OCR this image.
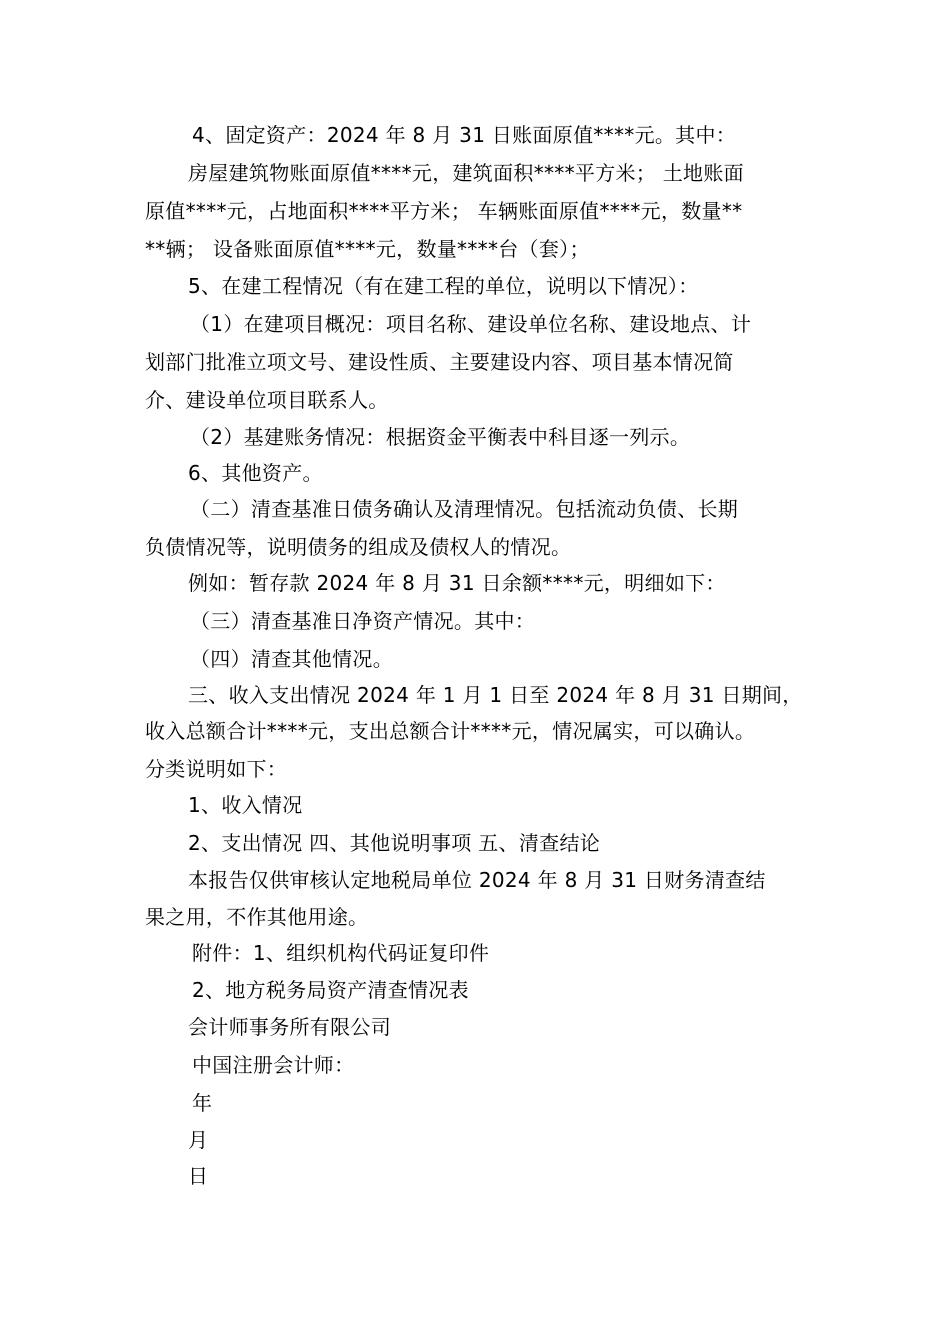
4、固定资产：2024 年 8 月 31 日账面原值****元。其中：
房屋建筑物账面原值****元，建筑面积****平方米； 土地账面
原值****元，占地面积****平方米； 车辆账面原值****元，数量**
**辆； 设备账面原值****元，数量****台（套）；
5、在建工程情况（有在建工程的单位，说明以下情况）：
（1）在建项目概况：项目名称、建设单位名称、建设地点、计
划部门批准立项文号、建设性质、主要建设内容、项目基本情况简
介、建设单位项目联系人。
（2）基建账务情况：根据资金平衡表中科目逐一列示。
6、其他资产。
（二）清查基准日债务确认及清理情况。包括流动负债、长期
负债情况等，说明债务的组成及债权人的情况。
例如：暂存款 2024 年 8 月 31 日余额****元，明细如下：
（三）清查基准日净资产情况。其中：
（四）清查其他情况。
三、收入支出情况 2024 年 1 月 1 日至 2024 年 8 月 31 日期间，
收入总额合计****元，支出总额合计****元，情况属实，可以确认。
分类说明如下：
1、收入情况
2、支出情况 四、其他说明事项 五、清查结论
本报告仅供审核认定地税局单位 2024 年 8 月 31 日财务清查结
果之用，不作其他用途。
附件：1、组织机构代码证复印件
2、地方税务局资产清查情况表
会计师事务所有限公司
中国注册会计师：
年
月
日
